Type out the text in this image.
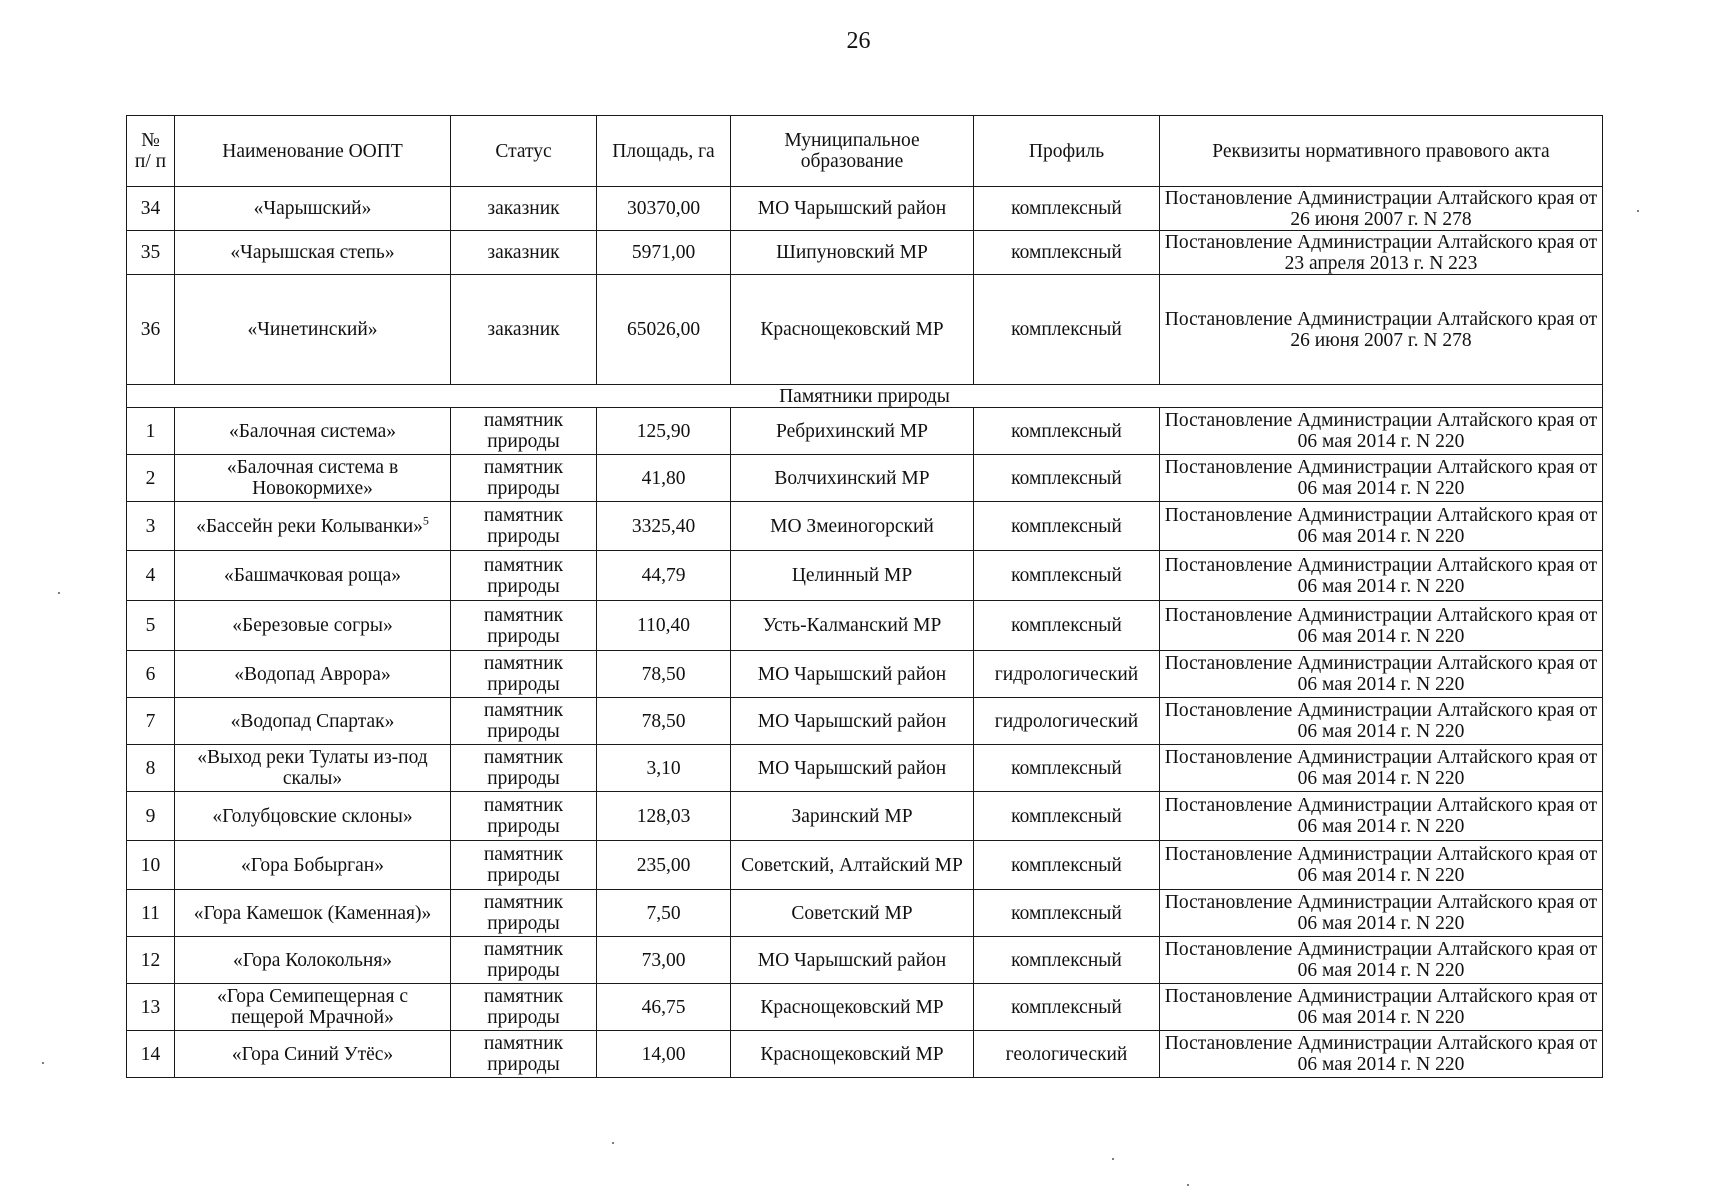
26
№ п/ п	Наименование ООПТ	Статус	Площадь, га	Муниципальное образование	Профиль	Реквизиты нормативного правового акта
34	«Чарышский»	заказник	30370,00	МО Чарышский район	комплексный	Постановление Администрации Алтайского края от 26 июня 2007 г. N 278
35	«Чарышская степь»	заказник	5971,00	Шипуновский МР	комплексный	Постановление Администрации Алтайского края от 23 апреля 2013 г. N 223
36	«Чинетинский»	заказник	65026,00	Краснощековский МР	комплексный	Постановление Администрации Алтайского края от 26 июня 2007 г. N 278
Памятники природы						
1	«Балочная система»	памятник природы	125,90	Ребрихинский МР	комплексный	Постановление Администрации Алтайского края от 06 мая 2014 г. N 220
2	«Балочная система в Новокормихе»	памятник природы	41,80	Волчихинский МР	комплексный	Постановление Администрации Алтайского края от 06 мая 2014 г. N 220
3	«Бассейн реки Колыванки»$^5$	памятник природы	3325,40	МО Змеиногорский	комплексный	Постановление Администрации Алтайского края от 06 мая 2014 г. N 220
4	«Башмачковая роща»	памятник природы	44,79	Целинный МР	комплексный	Постановление Администрации Алтайского края от 06 мая 2014 г. N 220
5	«Березовые согры»	памятник природы	110,40	Усть-Калманский МР	комплексный	Постановление Администрации Алтайского края от 06 мая 2014 г. N 220
6	«Водопад Аврора»	памятник природы	78,50	МО Чарышский район	гидрологический	Постановление Администрации Алтайского края от 06 мая 2014 г. N 220
7	«Водопад Спартак»	памятник природы	78,50	МО Чарышский район	гидрологический	Постановление Администрации Алтайского края от 06 мая 2014 г. N 220
8	«Выход реки Тулаты из-под скалы»	памятник природы	3,10	МО Чарышский район	комплексный	Постановление Администрации Алтайского края от 06 мая 2014 г. N 220
9	«Голубцовские склоны»	памятник природы	128,03	Заринский МР	комплексный	Постановление Администрации Алтайского края от 06 мая 2014 г. N 220
10	«Гора Бобырган»	памятник природы	235,00	Советский, Алтайский МР	комплексный	Постановление Администрации Алтайского края от 06 мая 2014 г. N 220
11	«Гора Камешок (Каменная)»	памятник природы	7,50	Советский МР	комплексный	Постановление Администрации Алтайского края от 06 мая 2014 г. N 220
12	«Гора Колокольня»	памятник природы	73,00	МО Чарышский район	комплексный	Постановление Администрации Алтайского края от 06 мая 2014 г. N 220
13	«Гора Семипещерная с пещерой Мрачной»	памятник природы	46,75	Краснощековский МР	комплексный	Постановление Администрации Алтайского края от 06 мая 2014 г. N 220
14	«Гора Синий Утёс»	памятник природы	14,00	Краснощековский МР	геологический	Постановление Администрации Алтайского края от 06 мая 2014 г. N 220
